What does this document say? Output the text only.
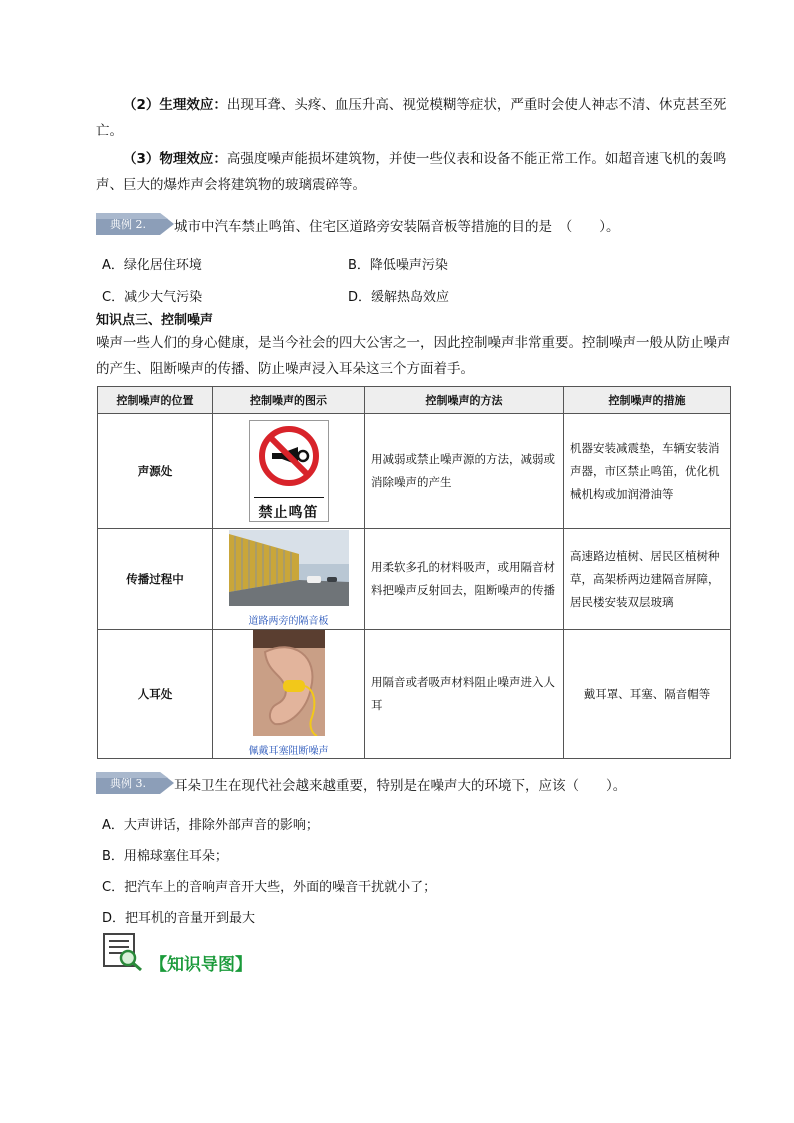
（2）生理效应：出现耳聋、头疼、血压升高、视觉模糊等症状，严重时会使人神志不清、休克甚至死亡。
（3）物理效应：高强度噪声能损坏建筑物，并使一些仪表和设备不能正常工作。如超音速飞机的轰鸣声、巨大的爆炸声会将建筑物的玻璃震碎等。
典例 2. 城市中汽车禁止鸣笛、住宅区道路旁安装隔音板等措施的目的是　（　　）。
A．绿化居住环境	B．降低噪声污染
C．减少大气污染	D．缓解热岛效应
知识点三、控制噪声
噪声一些人们的身心健康，是当今社会的四大公害之一，因此控制噪声非常重要。控制噪声一般从防止噪声的产生、阻断噪声的传播、防止噪声浸入耳朵这三个方面着手。
控制噪声的位置	控制噪声的图示	控制噪声的方法	控制噪声的措施
声源处	禁止鸣笛	用减弱或禁止噪声源的方法，减弱或消除噪声的产生	机器安装减震垫，车辆安装消声器，市区禁止鸣笛，优化机械机构或加润滑油等
传播过程中	道路两旁的隔音板	用柔软多孔的材料吸声，或用隔音材料把噪声反射回去，阻断噪声的传播	高速路边植树、居民区植树种草，高架桥两边建隔音屏障，居民楼安装双层玻璃
人耳处	佩戴耳塞阻断噪声	用隔音或者吸声材料阻止噪声进入人耳	戴耳罩、耳塞、隔音帽等
典例 3. 耳朵卫生在现代社会越来越重要，特别是在噪声大的环境下，应该（　　）。
A．大声讲话，排除外部声音的影响；
B．用棉球塞住耳朵；
C．把汽车上的音响声音开大些，外面的噪音干扰就小了；
D．把耳机的音量开到最大
【知识导图】
